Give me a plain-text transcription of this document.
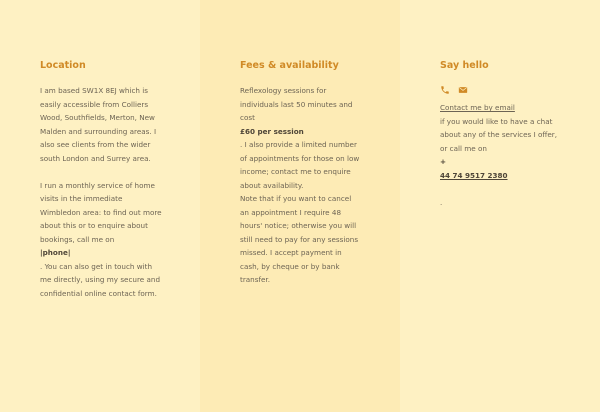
Location

I am based SW1X 8EJ which is easily accessible from Colliers Wood, Southfields, Merton, New Malden and surrounding areas. I also see clients from the wider south London and Surrey area.

I run a monthly service of home visits in the immediate Wimbledon area: to find out more about this or to enquire about bookings, call me on

|phone|

. You can also get in touch with me directly, using my secure and confidential online contact form.

Fees & availability

Reflexology sessions for individuals last 50 minutes and cost

£60 per session

. I also provide a limited number of appointments for those on low income; contact me to enquire about availability.

Note that if you want to cancel an appointment I require 48 hours' notice; otherwise you will still need to pay for any sessions missed. I accept payment in cash, by cheque or by bank transfer.

Say hello

Contact me by email

if you would like to have a chat about any of the services I offer, or call me on

+

44 74 9517 2380

.
